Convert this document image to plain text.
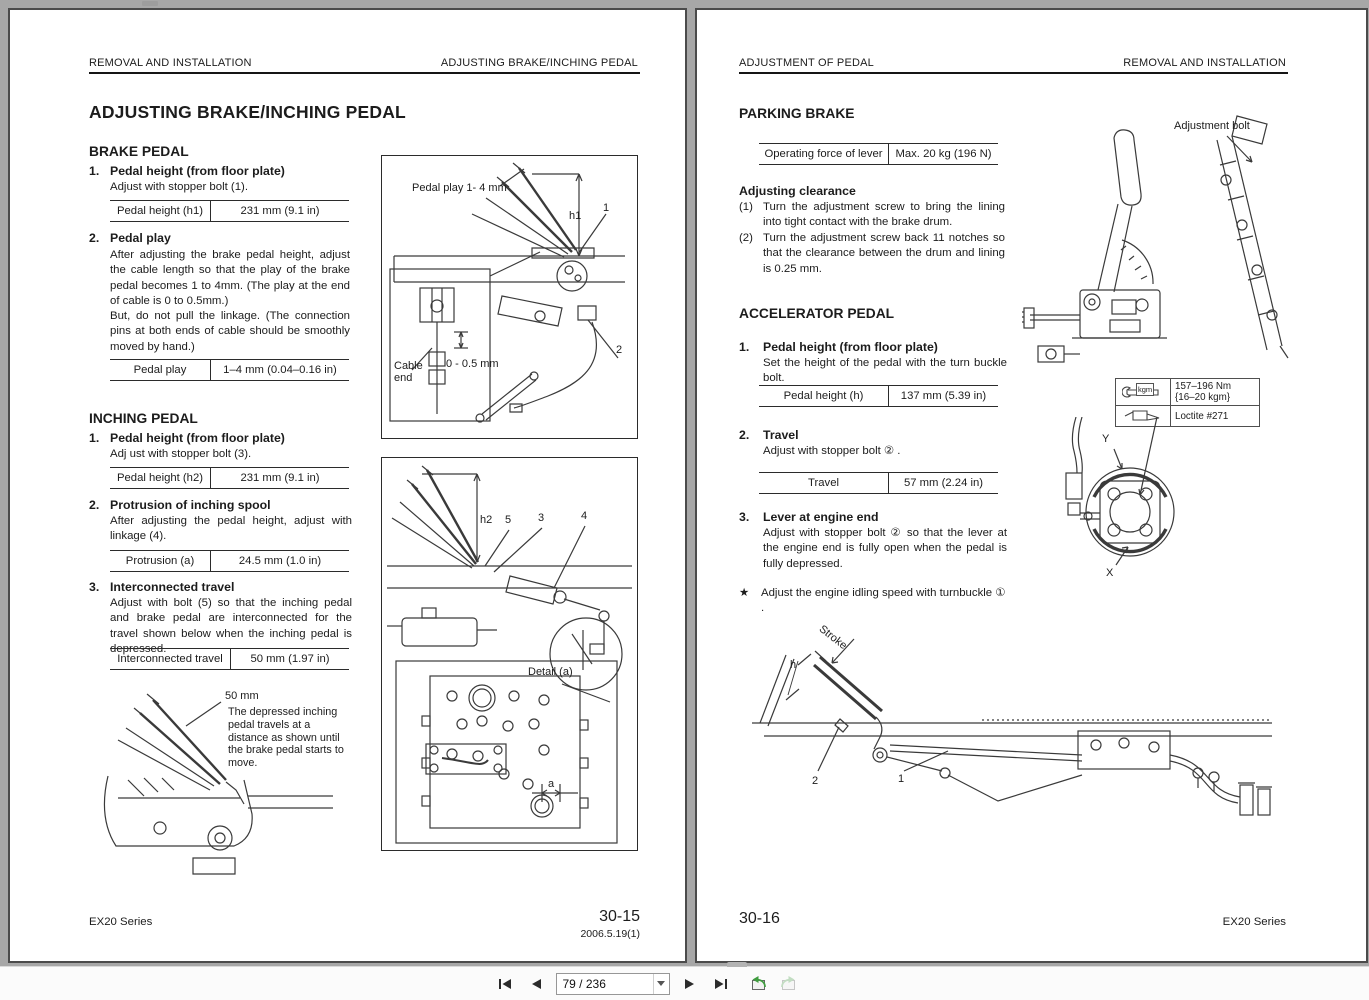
REMOVAL AND INSTALLATION	ADJUSTING BRAKE/INCHING PEDAL
ADJUSTING BRAKE/INCHING PEDAL
BRAKE PEDAL
1. Pedal height (from floor plate)
Adjust with stopper bolt (1).
Pedal height (h1)	231 mm (9.1 in)
2. Pedal play
After adjusting the brake pedal height, adjust the cable length so that the play of the brake pedal becomes 1 to 4mm. (The play at the end of cable is 0 to 0.5mm.)
But, do not pull the linkage. (The connection pins at both ends of cable should be smoothly moved by hand.)
Pedal play	1–4 mm (0.04–0.16 in)
INCHING PEDAL
1. Pedal height (from floor plate)
Adj ust with stopper bolt (3).
Pedal height (h2)	231 mm (9.1 in)
2. Protrusion of inching spool
After adjusting the pedal height, adjust with linkage (4).
Protrusion (a)	24.5 mm (1.0 in)
3. Interconnected travel
Adjust with bolt (5) so that the inching pedal and brake pedal are interconnected for the travel shown below when the inching pedal is depressed.
Interconnected travel	50 mm (1.97 in)
50 mm
The depressed inching pedal travels at a distance as shown until the brake pedal starts to move.
Pedal play 1- 4 mm
h1
1
2
Cable end
0 - 0.5 mm
h2 5 3	4
Detail (a)
a
EX20 Series	30-15
2006.5.19(1)
ADJUSTMENT OF PEDAL	REMOVAL AND INSTALLATION
PARKING BRAKE
Operating force of lever	Max. 20 kg (196 N)
Adjusting clearance
(1) Turn the adjustment screw to bring the lining into tight contact with the brake drum.
(2) Turn the adjustment screw back 11 notches so that the clearance between the drum and lining is 0.25 mm.
ACCELERATOR PEDAL
1. Pedal height (from floor plate)
Set the height of the pedal with the turn buckle bolt.
Pedal height (h)	137 mm (5.39 in)
2. Travel
Adjust with stopper bolt ② .
Travel	57 mm (2.24 in)
3. Lever at engine end
Adjust with stopper bolt ② so that the lever at the engine end is fully open when the pedal is fully depressed.
★ Adjust the engine idling speed with turnbuckle ① .
Adjustment bolt
kgm 157–196 Nm
{16–20 kgm}
Loctite #271
Y
X
Stroke
h
2	1
30-16	EX20 Series
79 / 236
